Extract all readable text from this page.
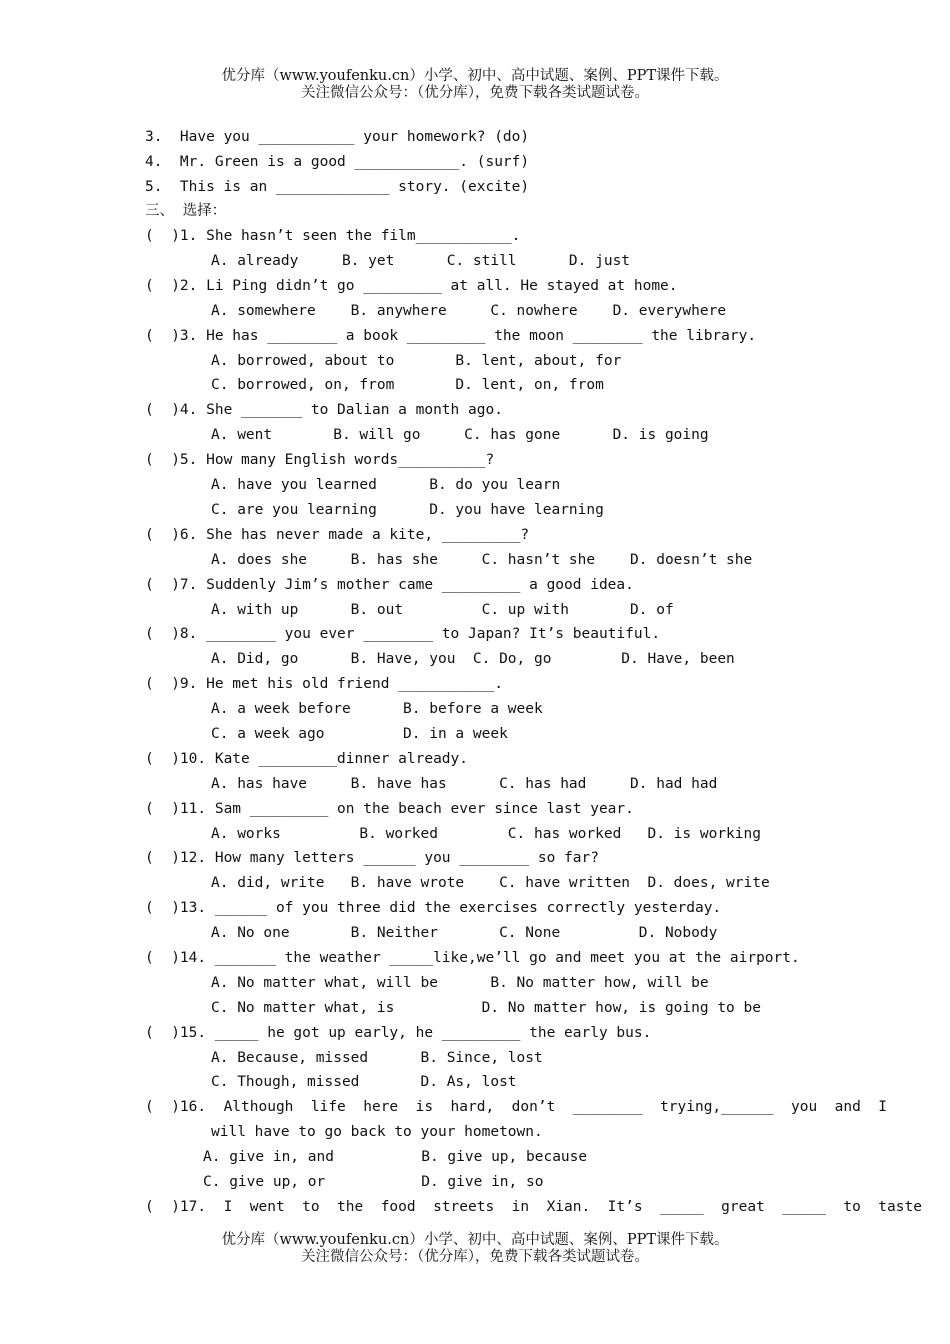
优分库（www.youfenku.cn）小学、初中、高中试题、案例、PPT课件下载。
关注微信公众号：（优分库），免费下载各类试题试卷。
3.  Have you ___________ your homework? (do)
4.  Mr. Green is a good ____________. (surf)
5.  This is an _____________ story. (excite)
三、 选择：
(  )1. She hasn’t seen the film___________.
A. already     B. yet      C. still      D. just
(  )2. Li Ping didn’t go _________ at all. He stayed at home.
A. somewhere    B. anywhere     C. nowhere    D. everywhere
(  )3. He has ________ a book _________ the moon ________ the library.
A. borrowed, about to       B. lent, about, for
C. borrowed, on, from       D. lent, on, from
(  )4. She _______ to Dalian a month ago.
A. went       B. will go     C. has gone      D. is going
(  )5. How many English words__________?
A. have you learned      B. do you learn
C. are you learning      D. you have learning
(  )6. She has never made a kite, _________?
A. does she     B. has she     C. hasn’t she    D. doesn’t she
(  )7. Suddenly Jim’s mother came _________ a good idea.
A. with up      B. out         C. up with       D. of
(  )8. ________ you ever ________ to Japan? It’s beautiful.
A. Did, go      B. Have, you  C. Do, go        D. Have, been
(  )9. He met his old friend ___________.
A. a week before      B. before a week
C. a week ago         D. in a week
(  )10. Kate _________dinner already.
A. has have     B. have has      C. has had     D. had had
(  )11. Sam _________ on the beach ever since last year.
A. works         B. worked        C. has worked   D. is working
(  )12. How many letters ______ you ________ so far?
A. did, write   B. have wrote    C. have written  D. does, write
(  )13. ______ of you three did the exercises correctly yesterday.
A. No one       B. Neither       C. None         D. Nobody
(  )14. _______ the weather _____like,we’ll go and meet you at the airport.
A. No matter what, will be      B. No matter how, will be
C. No matter what, is          D. No matter how, is going to be
(  )15. _____ he got up early, he _________ the early bus.
A. Because, missed      B. Since, lost
C. Though, missed       D. As, lost
(  )16.  Although  life  here  is  hard,  don’t  ________  trying,______  you  and  I
will have to go back to your hometown.
A. give in, and          B. give up, because
C. give up, or           D. give in, so
(  )17.  I  went  to  the  food  streets  in  Xian.  It’s  _____  great  _____  to  taste
优分库（www.youfenku.cn）小学、初中、高中试题、案例、PPT课件下载。
关注微信公众号：（优分库），免费下载各类试题试卷。
